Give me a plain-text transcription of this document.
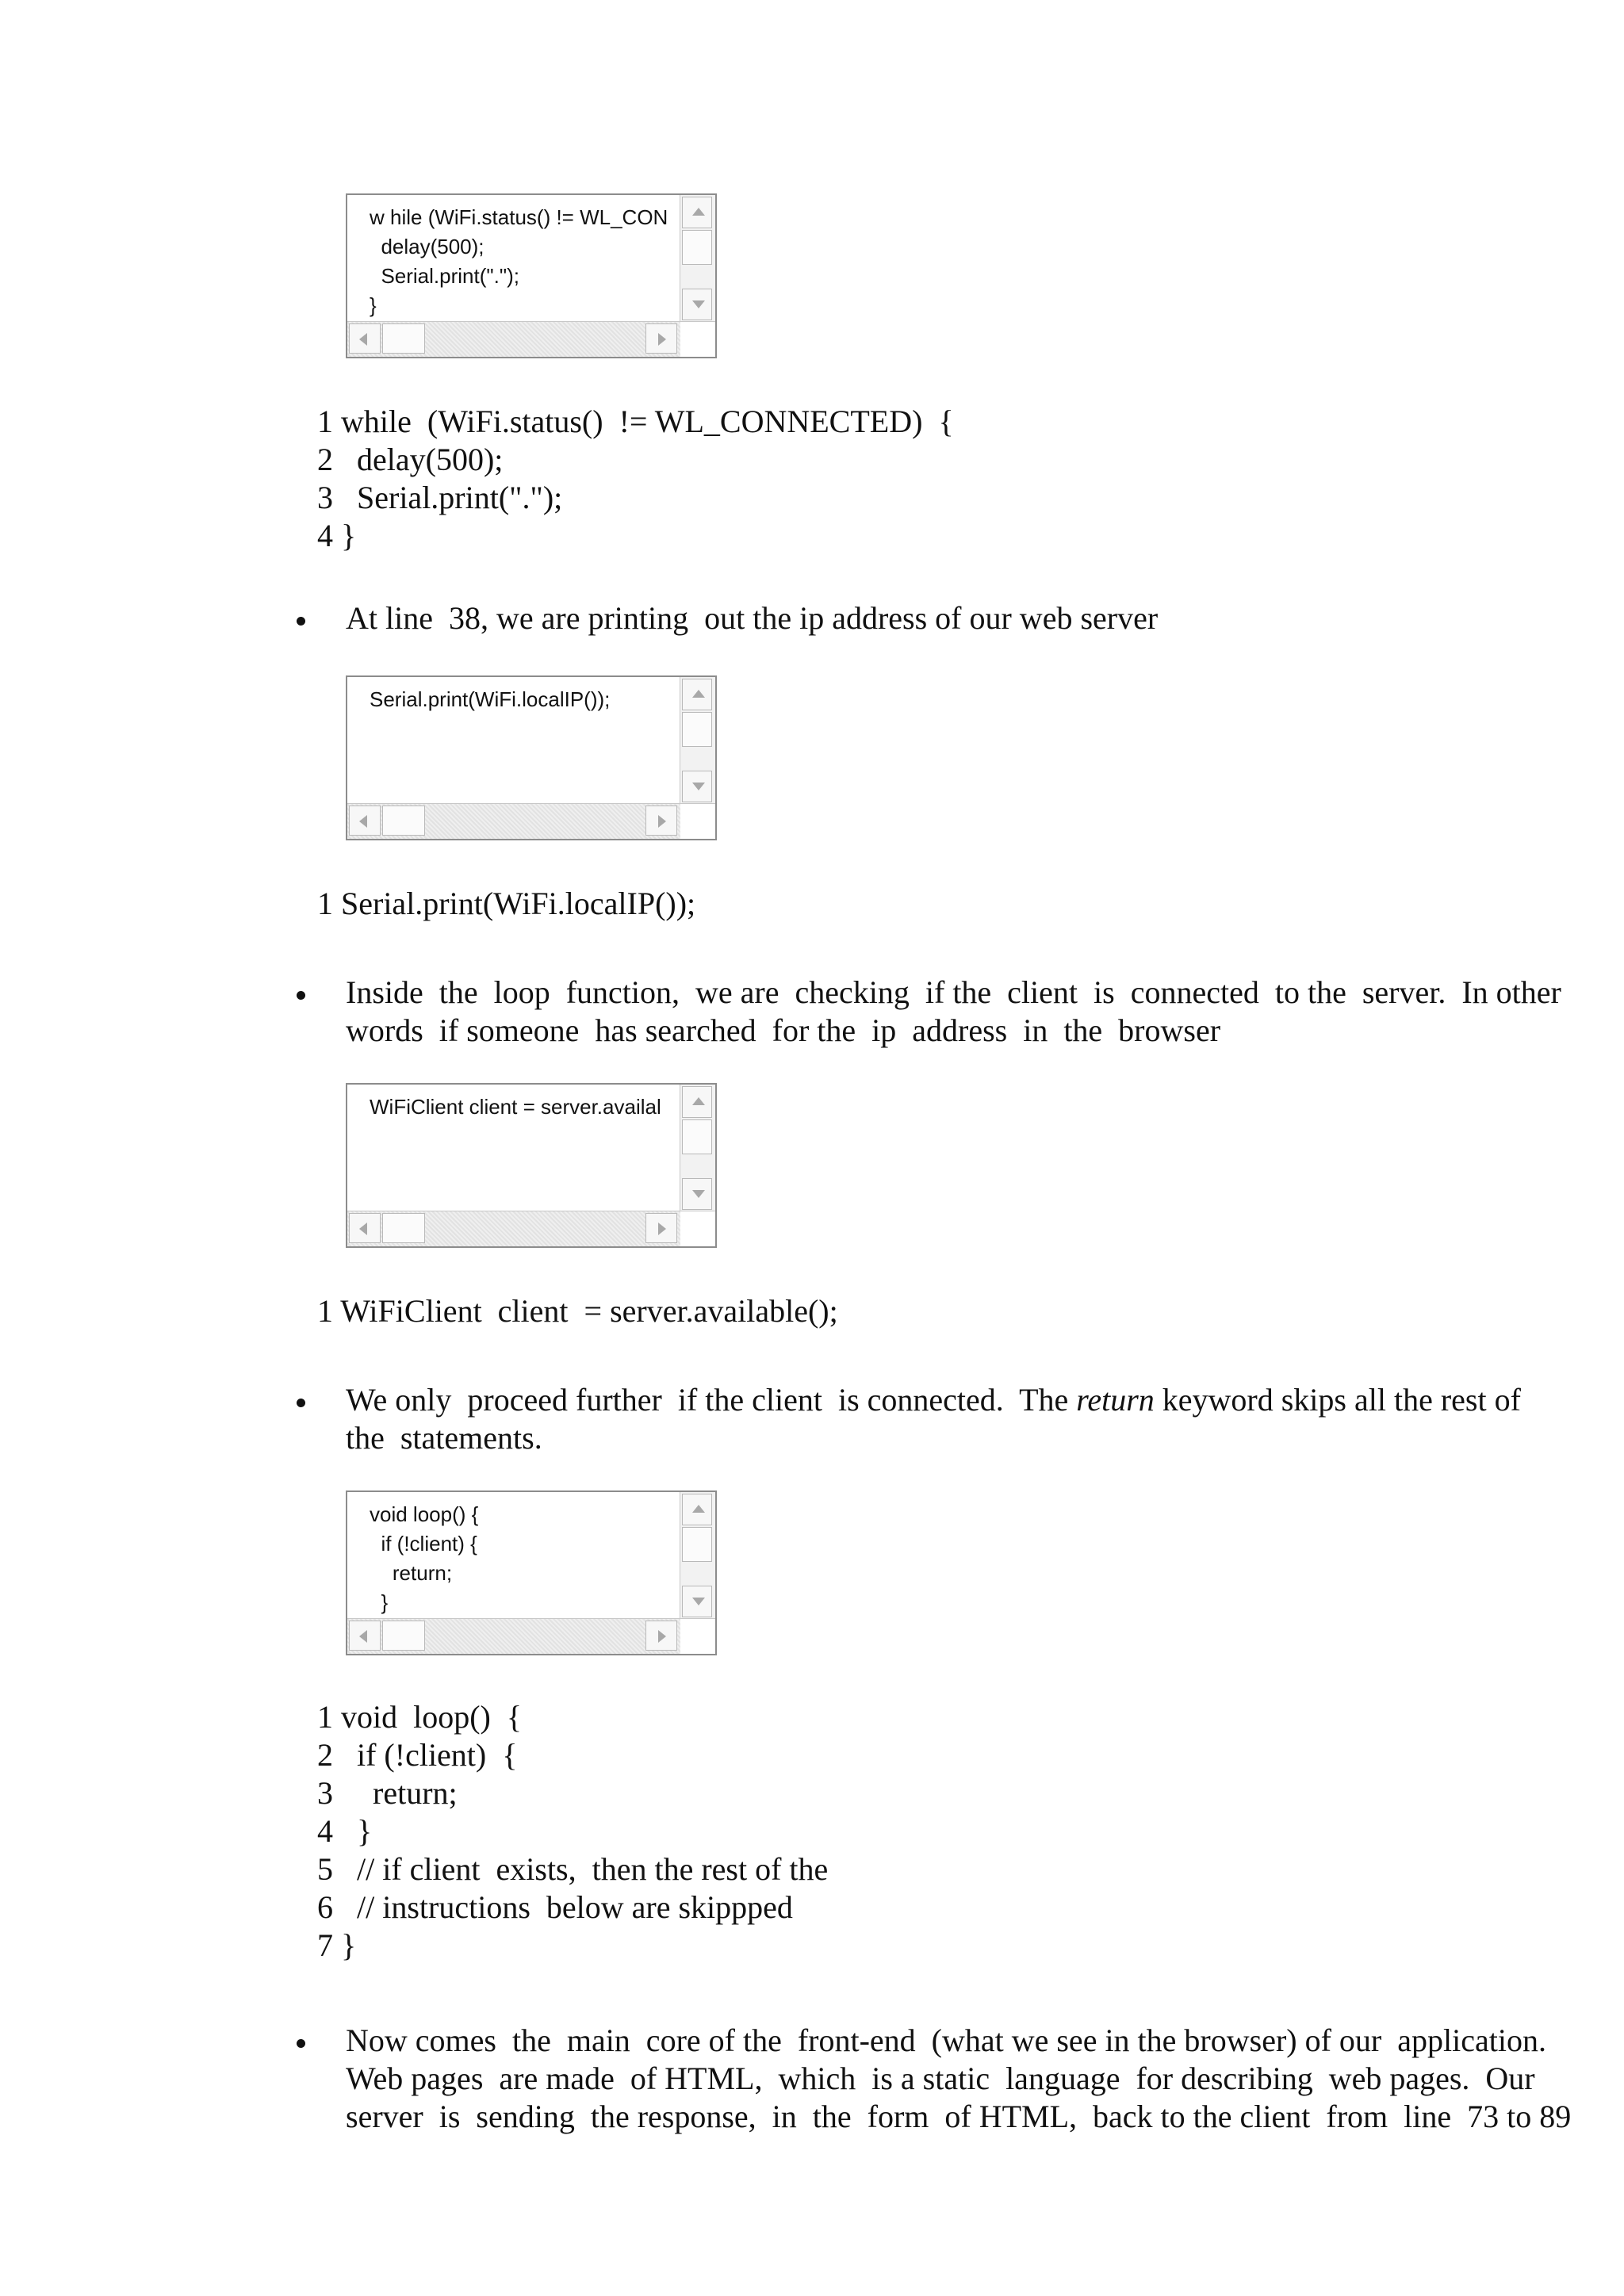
w hile (WiFi.status() != WL_CON
delay(500);
Serial.print(".");
}
1 while  (WiFi.status()  != WL_CONNECTED)  {
2   delay(500);
3   Serial.print(".");
4 }
At line  38, we are printing  out the ip address of our web server
Serial.print(WiFi.localIP());
1 Serial.print(WiFi.localIP());
Inside  the  loop  function,  we are  checking  if the  client  is  connected  to the  server.  In other
words  if someone  has searched  for the  ip  address  in  the  browser
WiFiClient client = server.availal
1 WiFiClient  client  = server.available();
We only  proceed further  if the client  is connected.  The return keyword skips all the rest of
the  statements.
void loop() {
if (!client) {
return;
}
1 void  loop()  {
2   if (!client)  {
3     return;
4   }
5   // if client  exists,  then the rest of the
6   // instructions  below are skippped
7 }
Now comes  the  main  core of the  front-end  (what we see in the browser) of our  application.
Web pages  are made  of HTML,  which  is a static  language  for describing  web pages.  Our
server  is  sending  the response,  in  the  form  of HTML,  back to the client  from  line  73 to 89
